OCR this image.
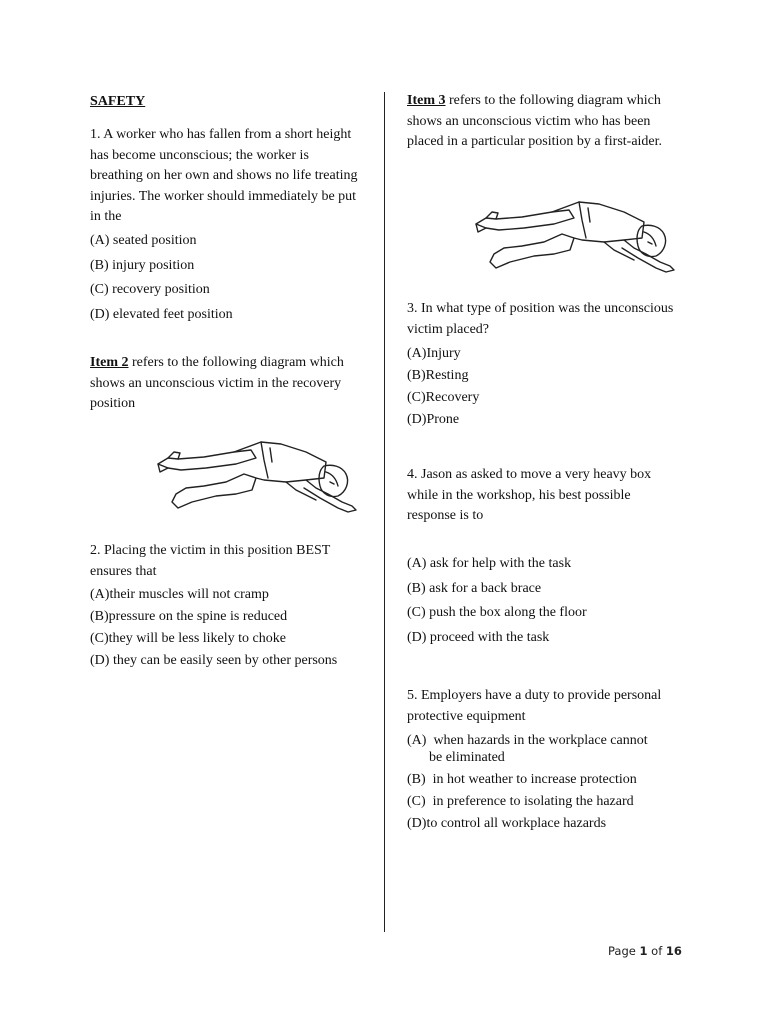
SAFETY
1. A worker who has fallen from a short height has become unconscious; the worker is breathing on her own and shows no life treating injuries. The worker should immediately be put in the
(A) seated position
(B) injury position
(C) recovery position
(D) elevated feet position
Item 2 refers to the following diagram which shows an unconscious victim in the recovery position
2. Placing the victim in this position BEST ensures that
(A)their muscles will not cramp
(B)pressure on the spine is reduced
(C)they will be less likely to choke
(D) they can be easily seen by other persons
Item 3 refers to the following diagram which shows an unconscious victim who has been placed in a particular position by a first-aider.
3. In what type of position was the unconscious victim placed?
(A)Injury
(B)Resting
(C)Recovery
(D)Prone
4. Jason as asked to move a very heavy box while in the workshop, his best possible response is to
(A) ask for help with the task
(B) ask for a back brace
(C) push the box along the floor
(D) proceed with the task
5. Employers have a duty to provide personal protective equipment
(A)  when hazards in the workplace cannot
be eliminated
(B)  in hot weather to increase protection
(C)  in preference to isolating the hazard
(D)to control all workplace hazards
Page 1 of 16
